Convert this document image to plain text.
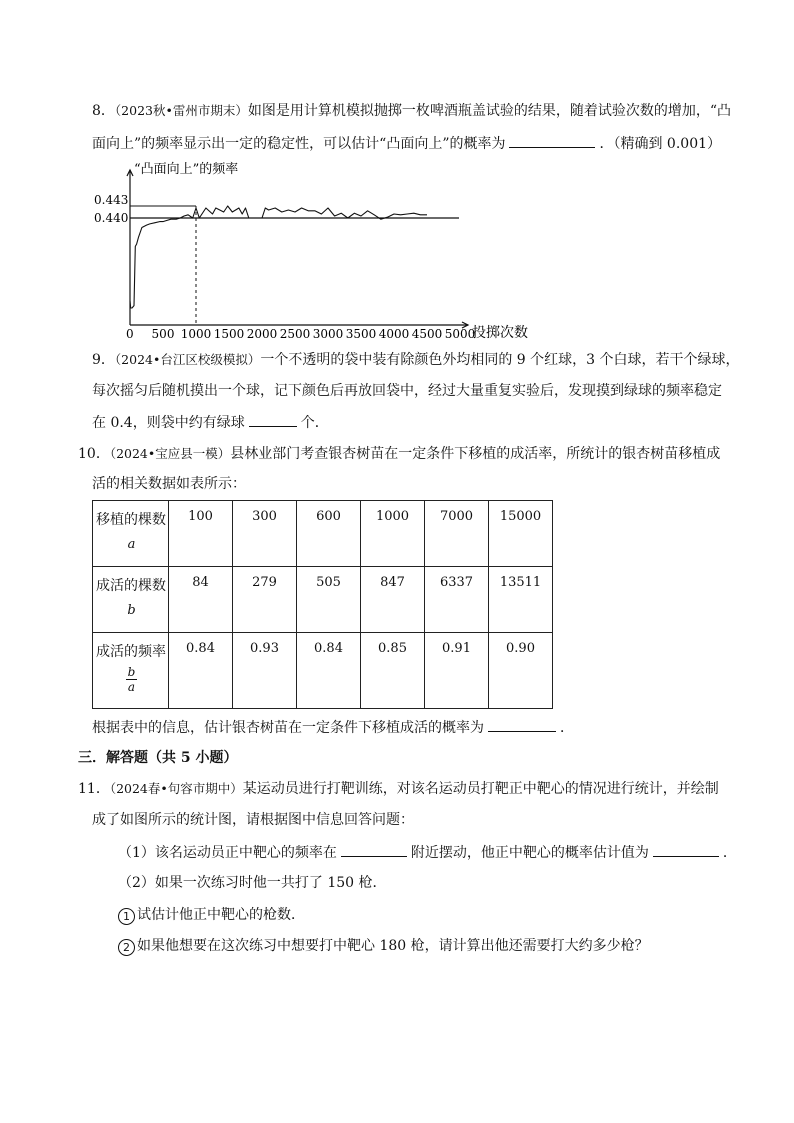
8．（2023秋•雷州市期末）如图是用计算机模拟抛掷一枚啤酒瓶盖试验的结果，随着试验次数的增加，“凸
面向上”的频率显示出一定的稳定性，可以估计“凸面向上”的概率为	．（精确到 0.001）
“凸面向上”的频率
投掷次数
0.443
0.440
0 500 1000 1500 2000 2500 3000 3500 4000 4500 5000
9．（2024•台江区校级模拟）一个不透明的袋中装有除颜色外均相同的 9 个红球，3 个白球，若干个绿球，
每次摇匀后随机摸出一个球，记下颜色后再放回袋中，经过大量重复实验后，发现摸到绿球的频率稳定
在 0.4，则袋中约有绿球	个．
10．（2024•宝应县一模）县林业部门考查银杏树苗在一定条件下移植的成活率，所统计的银杏树苗移植成
活的相关数据如表所示：
移植的棵数
a	100	300	600	1000	7000	15000
成活的棵数
b	84	279	505	847	6337	13511
成活的频率
$\frac{b}{a}$	0.84	0.93	0.84	0.85	0.91	0.90
根据表中的信息，估计银杏树苗在一定条件下移植成活的概率为	．
三．解答题（共 5 小题）
11．（2024春•句容市期中）某运动员进行打靶训练，对该名运动员打靶正中靶心的情况进行统计，并绘制
成了如图所示的统计图，请根据图中信息回答问题：
（1）该名运动员正中靶心的频率在	附近摆动，他正中靶心的概率估计值为	．
（2）如果一次练习时他一共打了 150 枪．
1 试估计他正中靶心的枪数．
2 如果他想要在这次练习中想要打中靶心 180 枪，请计算出他还需要打大约多少枪？
